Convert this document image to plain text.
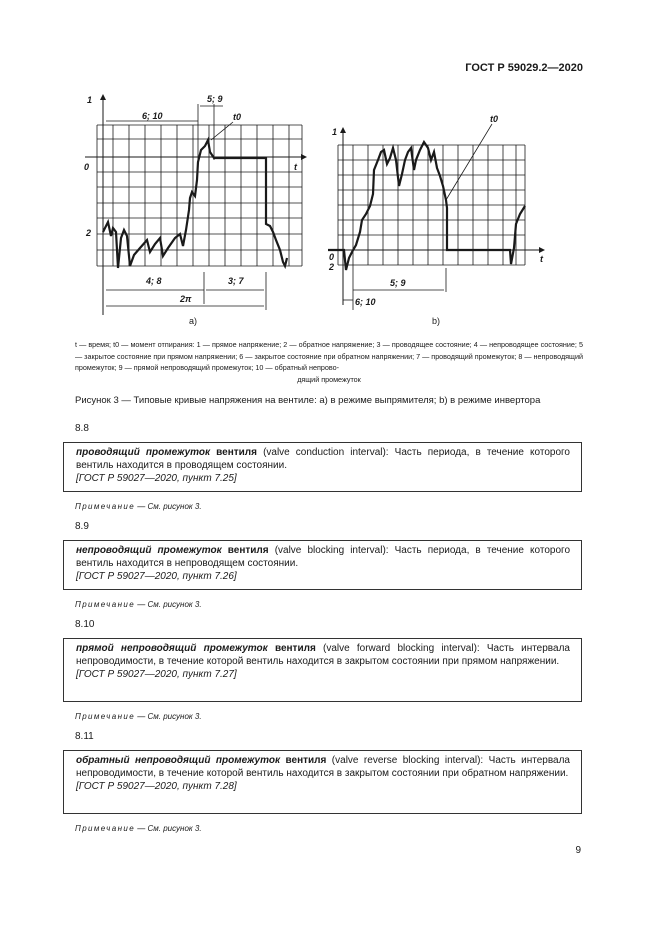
ГОСТ Р 59029.2—2020
1
0
2
t
6; 10
5; 9
t0
4; 8	3; 7
2π
1
0
2
t
t0
5; 9
6; 10
a)	b)
t — время; t0 — момент отпирания: 1 — прямое напряжение; 2 — обратное напряжение; 3 — проводящее состояние; 4 — непроводящее состояние; 5 — закрытое состояние при прямом напряжении; 6 — закрытое состояние при обратном напряжении; 7 — проводящий промежуток; 8 — непроводящий промежуток; 9 — прямой непроводящий промежуток; 10 — обратный непрово-
дящий промежуток
Рисунок 3 — Типовые кривые напряжения на вентиле: a) в режиме выпрямителя; b) в режиме инвертора
8.8
проводящий промежуток вентиля (valve conduction interval): Часть периода, в течение которого вентиль находится в проводящем состоянии.
[ГОСТ Р 59027—2020, пункт 7.25]
Примечание — См. рисунок 3.
8.9
непроводящий промежуток вентиля (valve blocking interval): Часть периода, в течение которого вентиль находится в непроводящем состоянии.
[ГОСТ Р 59027—2020, пункт 7.26]
Примечание — См. рисунок 3.
8.10
прямой непроводящий промежуток вентиля (valve forward blocking interval): Часть интервала непроводимости, в течение которой вентиль находится в закрытом состоянии при прямом напряжении.
[ГОСТ Р 59027—2020, пункт 7.27]
Примечание — См. рисунок 3.
8.11
обратный непроводящий промежуток вентиля (valve reverse blocking interval): Часть интервала непроводимости, в течение которой вентиль находится в закрытом состоянии при обратном напряжении.
[ГОСТ Р 59027—2020, пункт 7.28]
Примечание — См. рисунок 3.
9
